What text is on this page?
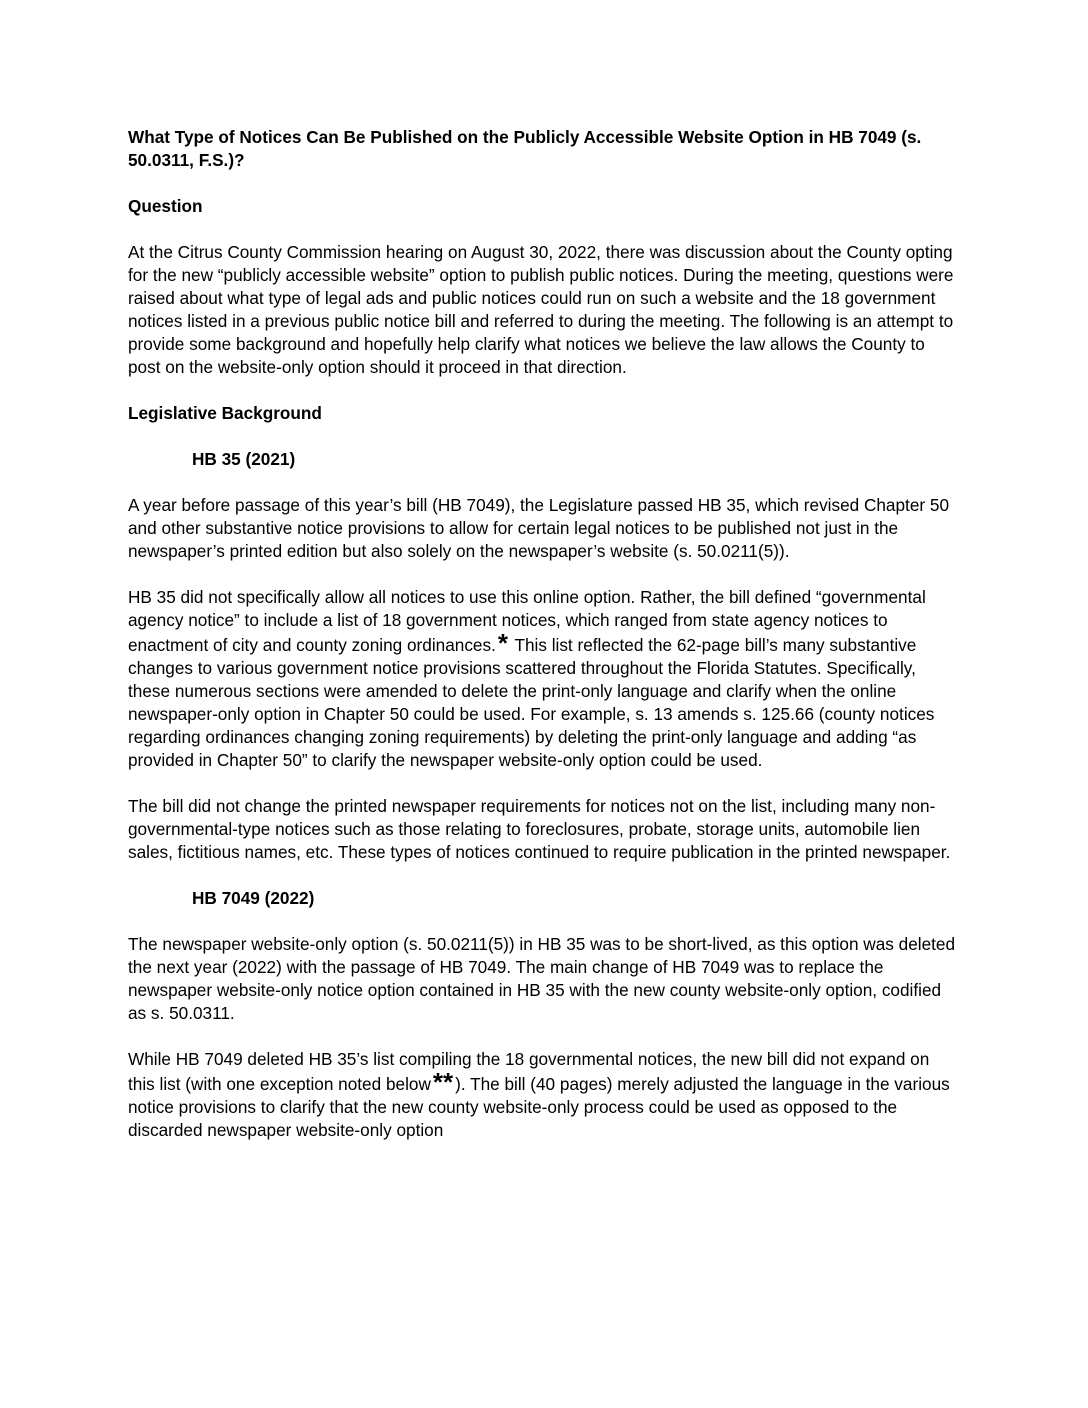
What Type of Notices Can Be Published on the Publicly Accessible Website Option in HB 7049 (s. 50.0311, F.S.)?
Question

At the Citrus County Commission hearing on August 30, 2022, there was discussion about the County opting for the new “publicly accessible website” option to publish public notices. During the meeting, questions were raised about what type of legal ads and public notices could run on such a website and the 18 government notices listed in a previous public notice bill and referred to during the meeting. The following is an attempt to provide some background and hopefully help clarify what notices we believe the law allows the County to post on the website-only option should it proceed in that direction.

Legislative Background
HB 35 (2021)

A year before passage of this year’s bill (HB 7049), the Legislature passed HB 35, which revised Chapter 50 and other substantive notice provisions to allow for certain legal notices to be published not just in the newspaper’s printed edition but also solely on the newspaper’s website (s. 50.0211(5)).

HB 35 did not specifically allow all notices to use this online option. Rather, the bill defined “governmental agency notice” to include a list of 18 government notices, which ranged from state agency notices to enactment of city and county zoning ordinances.* This list reflected the 62-page bill’s many substantive changes to various government notice provisions scattered throughout the Florida Statutes. Specifically, these numerous sections were amended to delete the print-only language and clarify when the online newspaper-only option in Chapter 50 could be used. For example, s. 13 amends s. 125.66 (county notices regarding ordinances changing zoning requirements) by deleting the print-only language and adding “as provided in Chapter 50” to clarify the newspaper website-only option could be used.

The bill did not change the printed newspaper requirements for notices not on the list, including many non-governmental-type notices such as those relating to foreclosures, probate, storage units, automobile lien sales, fictitious names, etc. These types of notices continued to require publication in the printed newspaper.

HB 7049 (2022)

The newspaper website-only option (s. 50.0211(5)) in HB 35 was to be short-lived, as this option was deleted the next year (2022) with the passage of HB 7049. The main change of HB 7049 was to replace the newspaper website-only notice option contained in HB 35 with the new county website-only option, codified as s. 50.0311.

While HB 7049 deleted HB 35’s list compiling the 18 governmental notices, the new bill did not expand on this list (with one exception noted below** ). The bill (40 pages) merely adjusted the language in the various notice provisions to clarify that the new county website-only process could be used as opposed to the discarded newspaper website-only option
